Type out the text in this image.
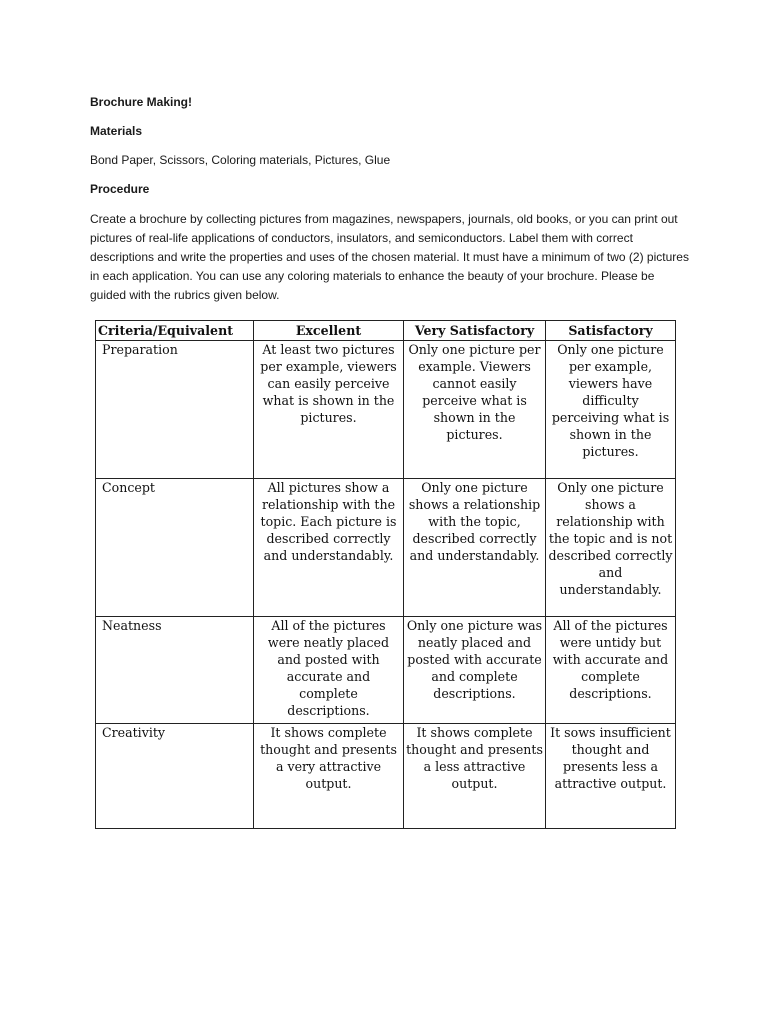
Brochure Making!
Materials
Bond Paper, Scissors, Coloring materials, Pictures, Glue
Procedure
Create a brochure by collecting pictures from magazines, newspapers, journals, old books, or you can print out pictures of real-life applications of conductors, insulators, and semiconductors. Label them with correct descriptions and write the properties and uses of the chosen material. It must have a minimum of two (2) pictures in each application. You can use any coloring materials to enhance the beauty of your brochure. Please be guided with the rubrics given below.
Criteria/Equivalent	Excellent	Very Satisfactory	Satisfactory
Preparation	At least two pictures per example, viewers can easily perceive what is shown in the pictures.	Only one picture per example. Viewers cannot easily perceive what is shown in the pictures.	Only one picture per example, viewers have difficulty perceiving what is shown in the pictures.
Concept	All pictures show a relationship with the topic. Each picture is described correctly and understandably.	Only one picture shows a relationship with the topic, described correctly and understandably.	Only one picture shows a relationship with the topic and is not described correctly and understandably.
Neatness	All of the pictures were neatly placed and posted with accurate and complete descriptions.	Only one picture was neatly placed and posted with accurate and complete descriptions.	All of the pictures were untidy but with accurate and complete descriptions.
Creativity	It shows complete thought and presents a very attractive output.	It shows complete thought and presents a less attractive output.	It sows insufficient thought and presents less a attractive output.
